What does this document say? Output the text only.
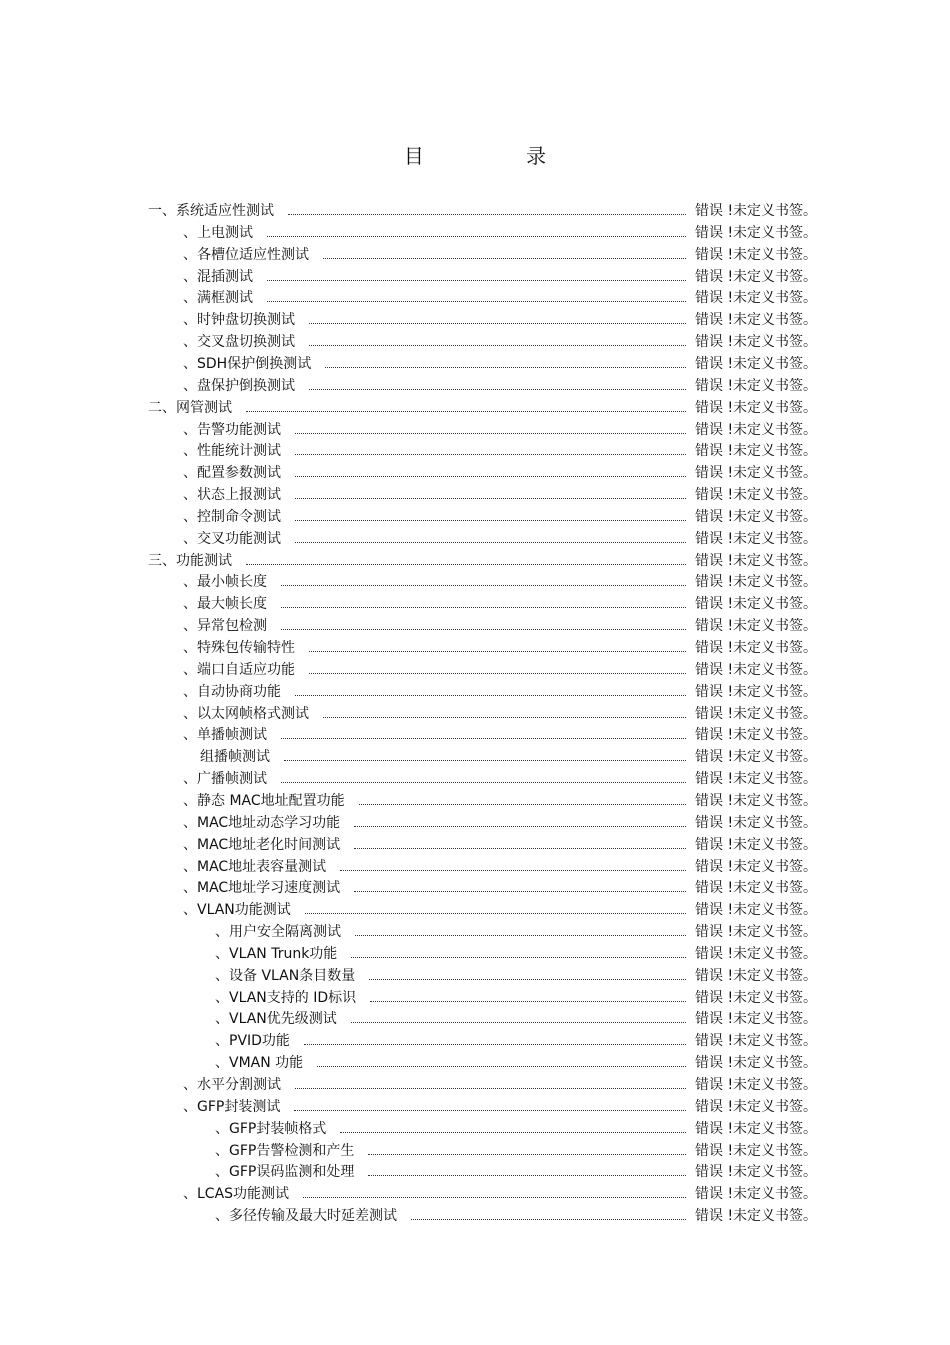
目 录
一、系统适应性测试	错误 !未定义书签。
、上电测试	错误 !未定义书签。
、各槽位适应性测试	错误 !未定义书签。
、混插测试	错误 !未定义书签。
、满框测试	错误 !未定义书签。
、时钟盘切换测试	错误 !未定义书签。
、交叉盘切换测试	错误 !未定义书签。
、SDH保护倒换测试	错误 !未定义书签。
、盘保护倒换测试	错误 !未定义书签。
二、网管测试	错误 !未定义书签。
、告警功能测试	错误 !未定义书签。
、性能统计测试	错误 !未定义书签。
、配置参数测试	错误 !未定义书签。
、状态上报测试	错误 !未定义书签。
、控制命令测试	错误 !未定义书签。
、交叉功能测试	错误 !未定义书签。
三、功能测试	错误 !未定义书签。
、最小帧长度	错误 !未定义书签。
、最大帧长度	错误 !未定义书签。
、异常包检测	错误 !未定义书签。
、特殊包传输特性	错误 !未定义书签。
、端口自适应功能	错误 !未定义书签。
、自动协商功能	错误 !未定义书签。
、以太网帧格式测试	错误 !未定义书签。
、单播帧测试	错误 !未定义书签。
组播帧测试	错误 !未定义书签。
、广播帧测试	错误 !未定义书签。
、静态 MAC地址配置功能	错误 !未定义书签。
、MAC地址动态学习功能	错误 !未定义书签。
、MAC地址老化时间测试	错误 !未定义书签。
、MAC地址表容量测试	错误 !未定义书签。
、MAC地址学习速度测试	错误 !未定义书签。
、VLAN功能测试	错误 !未定义书签。
、用户安全隔离测试	错误 !未定义书签。
、VLAN Trunk功能	错误 !未定义书签。
、设备 VLAN条目数量	错误 !未定义书签。
、VLAN支持的 ID标识	错误 !未定义书签。
、VLAN优先级测试	错误 !未定义书签。
、PVID功能	错误 !未定义书签。
、VMAN 功能	错误 !未定义书签。
、水平分割测试	错误 !未定义书签。
、GFP封装测试	错误 !未定义书签。
、GFP封装帧格式	错误 !未定义书签。
、GFP告警检测和产生	错误 !未定义书签。
、GFP误码监测和处理	错误 !未定义书签。
、LCAS功能测试	错误 !未定义书签。
、多径传输及最大时延差测试	错误 !未定义书签。
